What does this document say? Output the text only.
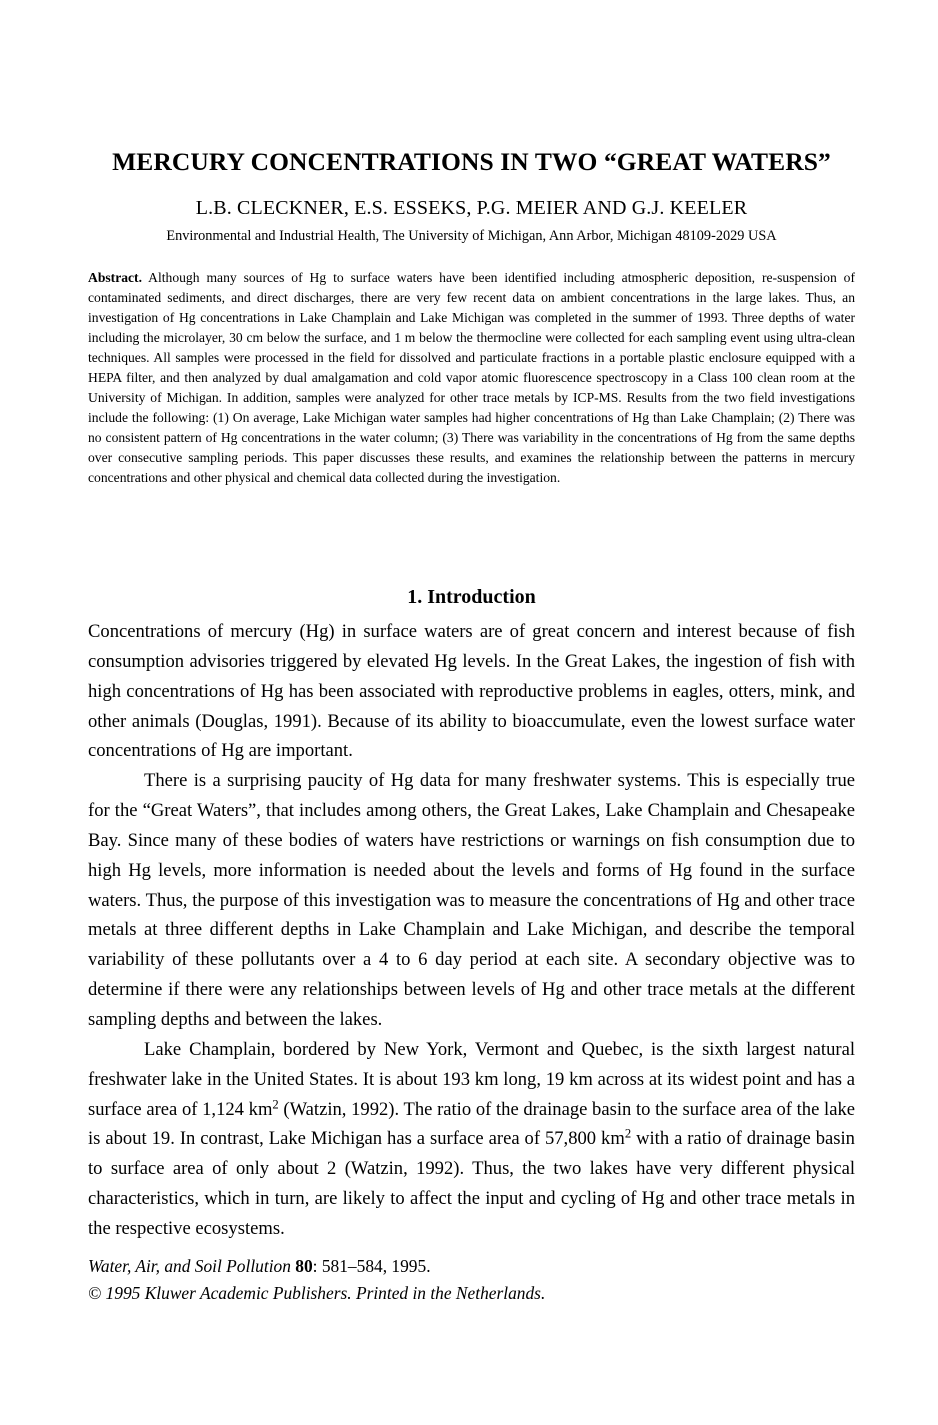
MERCURY CONCENTRATIONS IN TWO “GREAT WATERS”
L.B. CLECKNER, E.S. ESSEKS, P.G. MEIER AND G.J. KEELER
Environmental and Industrial Health, The University of Michigan, Ann Arbor, Michigan 48109-2029 USA
Abstract. Although many sources of Hg to surface waters have been identified including atmospheric deposition, re-suspension of contaminated sediments, and direct discharges, there are very few recent data on ambient concentrations in the large lakes. Thus, an investigation of Hg concentrations in Lake Champlain and Lake Michigan was completed in the summer of 1993. Three depths of water including the microlayer, 30 cm below the surface, and 1 m below the thermocline were collected for each sampling event using ultra-clean techniques. All samples were processed in the field for dissolved and particulate fractions in a portable plastic enclosure equipped with a HEPA filter, and then analyzed by dual amalgamation and cold vapor atomic fluorescence spectroscopy in a Class 100 clean room at the University of Michigan. In addition, samples were analyzed for other trace metals by ICP-MS. Results from the two field investigations include the following: (1) On average, Lake Michigan water samples had higher concentrations of Hg than Lake Champlain; (2) There was no consistent pattern of Hg concentrations in the water column; (3) There was variability in the concentrations of Hg from the same depths over consecutive sampling periods. This paper discusses these results, and examines the relationship between the patterns in mercury concentrations and other physical and chemical data collected during the investigation.
1. Introduction

Concentrations of mercury (Hg) in surface waters are of great concern and interest because of fish consumption advisories triggered by elevated Hg levels. In the Great Lakes, the ingestion of fish with high concentrations of Hg has been associated with reproductive problems in eagles, otters, mink, and other animals (Douglas, 1991). Because of its ability to bioaccumulate, even the lowest surface water concentrations of Hg are important.

There is a surprising paucity of Hg data for many freshwater systems. This is especially true for the “Great Waters”, that includes among others, the Great Lakes, Lake Champlain and Chesapeake Bay. Since many of these bodies of waters have restrictions or warnings on fish consumption due to high Hg levels, more information is needed about the levels and forms of Hg found in the surface waters. Thus, the purpose of this investigation was to measure the concentrations of Hg and other trace metals at three different depths in Lake Champlain and Lake Michigan, and describe the temporal variability of these pollutants over a 4 to 6 day period at each site. A secondary objective was to determine if there were any relationships between levels of Hg and other trace metals at the different sampling depths and between the lakes.

Lake Champlain, bordered by New York, Vermont and Quebec, is the sixth largest natural freshwater lake in the United States. It is about 193 km long, 19 km across at its widest point and has a surface area of 1,124 $km^2$ (Watzin, 1992). The ratio of the drainage basin to the surface area of the lake is about 19. In contrast, Lake Michigan has a surface area of 57,800 $km^2$ with a ratio of drainage basin to surface area of only about 2 (Watzin, 1992). Thus, the two lakes have very different physical characteristics, which in turn, are likely to affect the input and cycling of Hg and other trace metals in the respective ecosystems.

Water, Air, and Soil Pollution 80: 581–584, 1995.
© 1995 Kluwer Academic Publishers. Printed in the Netherlands.
